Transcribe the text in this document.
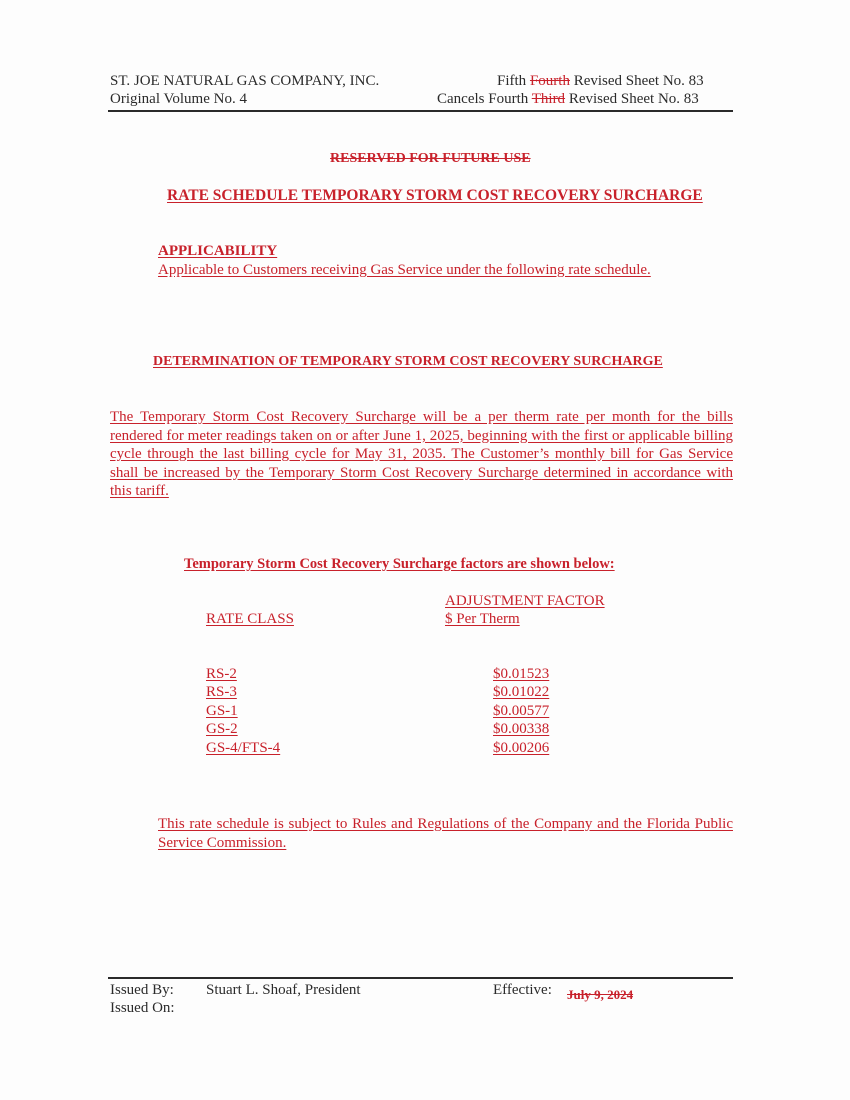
ST. JOE NATURAL GAS COMPANY, INC.
Original Volume No. 4
Fifth Fourth Revised Sheet No. 83
Cancels Fourth Third Revised Sheet No. 83
RESERVED FOR FUTURE USE
RATE SCHEDULE TEMPORARY STORM COST RECOVERY SURCHARGE
APPLICABILITY
Applicable to Customers receiving Gas Service under the following rate schedule.
DETERMINATION OF TEMPORARY STORM COST RECOVERY SURCHARGE
The Temporary Storm Cost Recovery Surcharge will be a per therm rate per month for the bills rendered for meter readings taken on or after June 1, 2025, beginning with the first or applicable billing cycle through the last billing cycle for May 31, 2035. The Customer’s monthly bill for Gas Service shall be increased by the Temporary Storm Cost Recovery Surcharge determined in accordance with this tariff.
Temporary Storm Cost Recovery Surcharge factors are shown below:
ADJUSTMENT FACTOR
RATE CLASS	$ Per Therm
RS-2	$0.01523
RS-3	$0.01022
GS-1	$0.00577
GS-2	$0.00338
GS-4/FTS-4	$0.00206
This rate schedule is subject to Rules and Regulations of the Company and the Florida Public Service Commission.
Issued By: Stuart L. Shoaf, President
Issued On:
Effective: July 9, 2024
